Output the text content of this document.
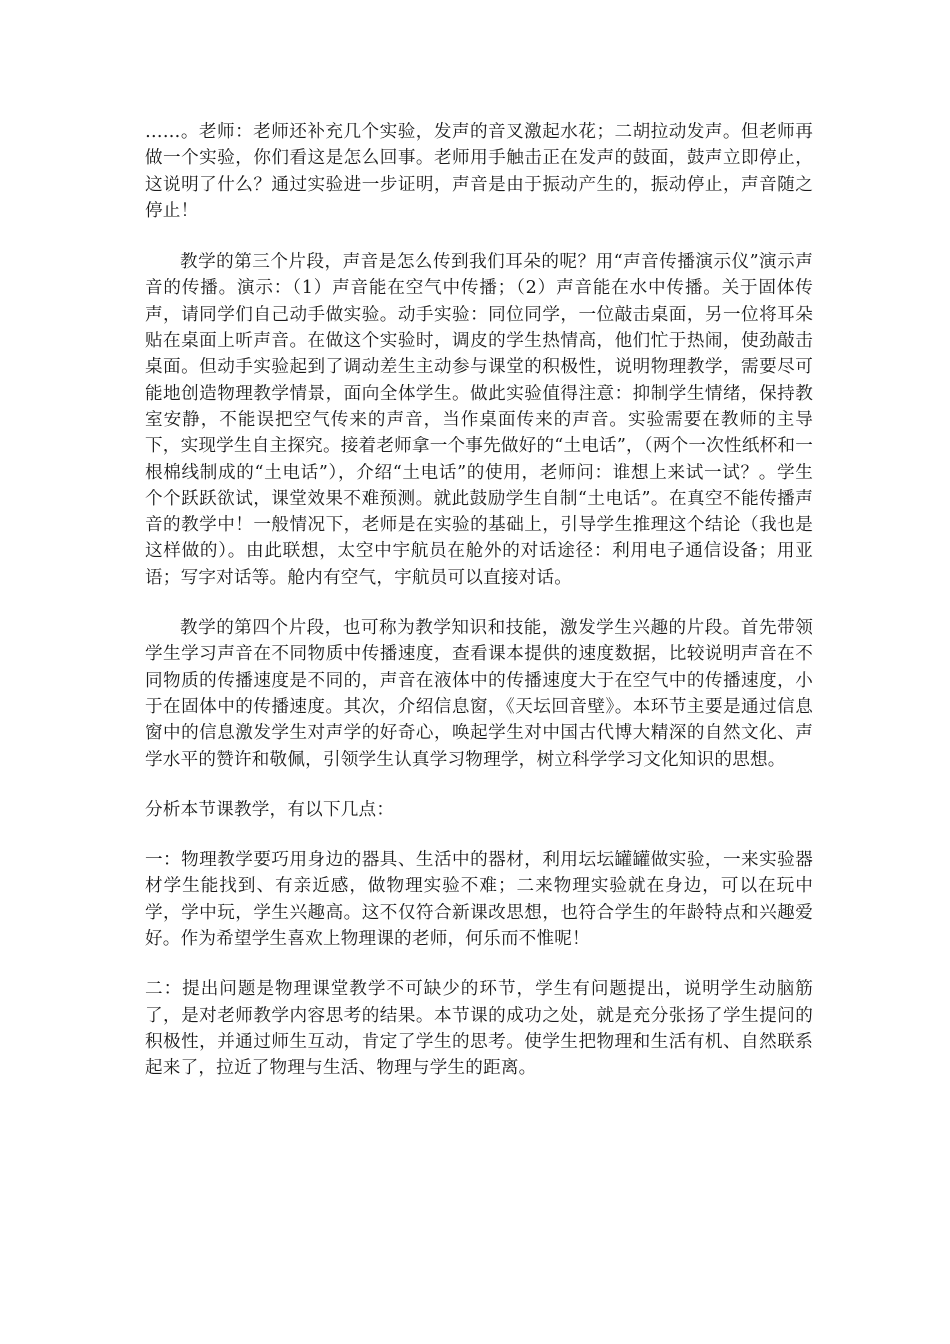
……。老师：老师还补充几个实验，发声的音叉激起水花；二胡拉动发声。但老师再做一个实验，你们看这是怎么回事。老师用手触击正在发声的鼓面，鼓声立即停止，这说明了什么？通过实验进一步证明，声音是由于振动产生的，振动停止，声音随之停止！

教学的第三个片段，声音是怎么传到我们耳朵的呢？用“声音传播演示仪”演示声音的传播。演示：（1）声音能在空气中传播；（2）声音能在水中传播。关于固体传声，请同学们自己动手做实验。动手实验：同位同学，一位敲击桌面，另一位将耳朵贴在桌面上听声音。在做这个实验时，调皮的学生热情高，他们忙于热闹，使劲敲击桌面。但动手实验起到了调动差生主动参与课堂的积极性，说明物理教学，需要尽可能地创造物理教学情景，面向全体学生。做此实验值得注意：抑制学生情绪，保持教室安静，不能误把空气传来的声音，当作桌面传来的声音。实验需要在教师的主导下，实现学生自主探究。接着老师拿一个事先做好的“土电话”，（两个一次性纸杯和一根棉线制成的“土电话”），介绍“土电话”的使用，老师问：谁想上来试一试？。学生个个跃跃欲试，课堂效果不难预测。就此鼓励学生自制“土电话”。在真空不能传播声音的教学中！一般情况下，老师是在实验的基础上，引导学生推理这个结论（我也是这样做的）。由此联想，太空中宇航员在舱外的对话途径：利用电子通信设备；用亚语；写字对话等。舱内有空气，宇航员可以直接对话。

教学的第四个片段，也可称为教学知识和技能，激发学生兴趣的片段。首先带领学生学习声音在不同物质中传播速度，查看课本提供的速度数据，比较说明声音在不同物质的传播速度是不同的，声音在液体中的传播速度大于在空气中的传播速度，小于在固体中的传播速度。其次，介绍信息窗，《天坛回音壁》。本环节主要是通过信息窗中的信息激发学生对声学的好奇心，唤起学生对中国古代博大精深的自然文化、声学水平的赞许和敬佩，引领学生认真学习物理学，树立科学学习文化知识的思想。

分析本节课教学，有以下几点：

一：物理教学要巧用身边的器具、生活中的器材，利用坛坛罐罐做实验，一来实验器材学生能找到、有亲近感，做物理实验不难；二来物理实验就在身边，可以在玩中学，学中玩，学生兴趣高。这不仅符合新课改思想，也符合学生的年龄特点和兴趣爱好。作为希望学生喜欢上物理课的老师，何乐而不惟呢！

二：提出问题是物理课堂教学不可缺少的环节，学生有问题提出，说明学生动脑筋了，是对老师教学内容思考的结果。本节课的成功之处，就是充分张扬了学生提问的积极性，并通过师生互动，肯定了学生的思考。使学生把物理和生活有机、自然联系起来了，拉近了物理与生活、物理与学生的距离。
